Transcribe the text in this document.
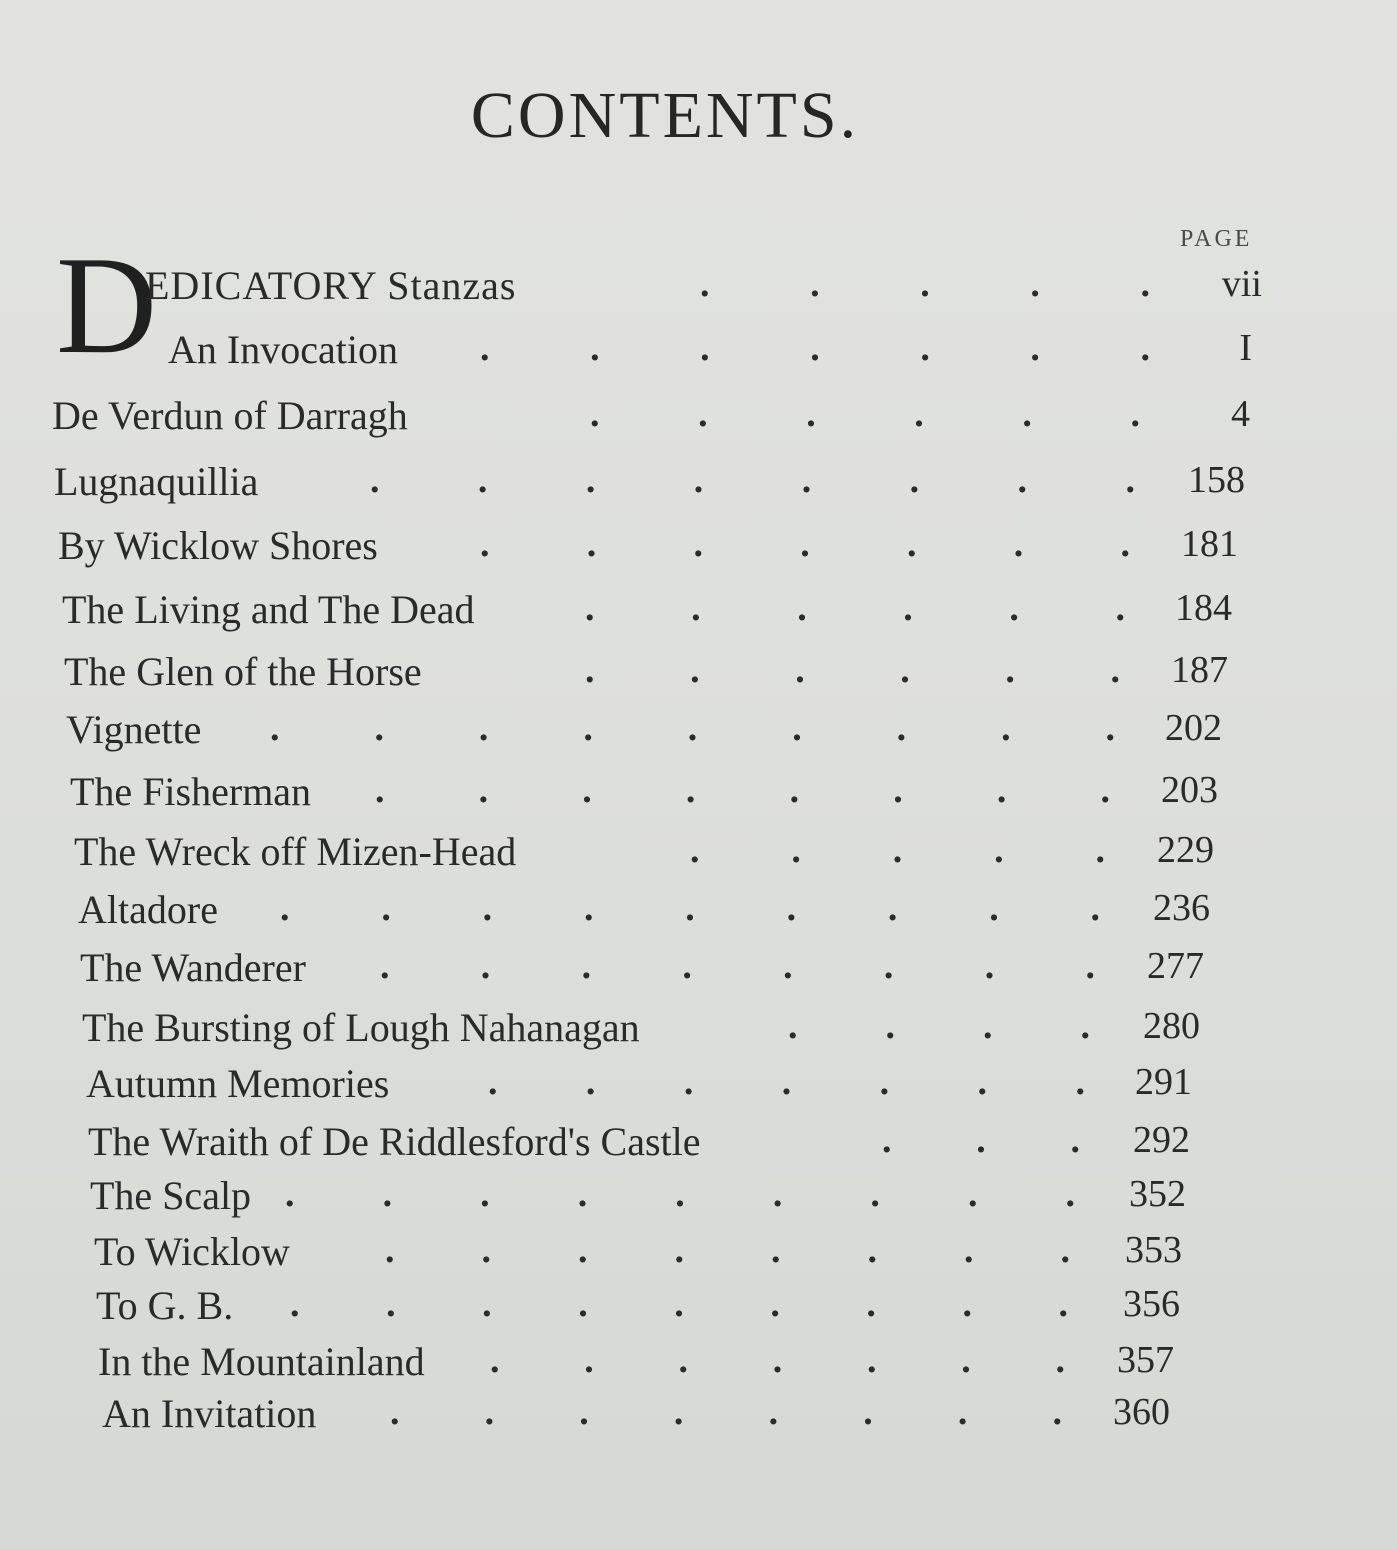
CONTENTS.
PAGE
D
EDICATORY Stanzas	.	.	.	.	.	vii
An Invocation .	.	.	.	.	.	.	I
De Verdun of Darragh	.	.	.	.	.	.	4
Lugnaquillia	.	.	.	.	.	.	.	.	158
By Wicklow Shores	.	.	.	.	.	.	.	181
The Living and The Dead	.	.	.	.	.	.	184
The Glen of the Horse	.	.	.	.	.	.	187
Vignette . . . . . . . . .	202
The Fisherman . . . . . . . .	203
The Wreck off Mizen-Head	. . . . .	229
Altadore . . . . . . . . .	236
The Wanderer . . . . . . . .	277
The Bursting of Lough Nahanagan	. . . .	280
Autumn Memories	. . . . . . .	291
The Wraith of De Riddlesford's Castle	. . .	292
The Scalp . . . . . . . . .	352
To Wicklow	. . . . . . . .	353
To G. B. . . . . . . . . .	356
In the Mountainland . . . . . . .	357
An Invitation . . . . . . . .	360
